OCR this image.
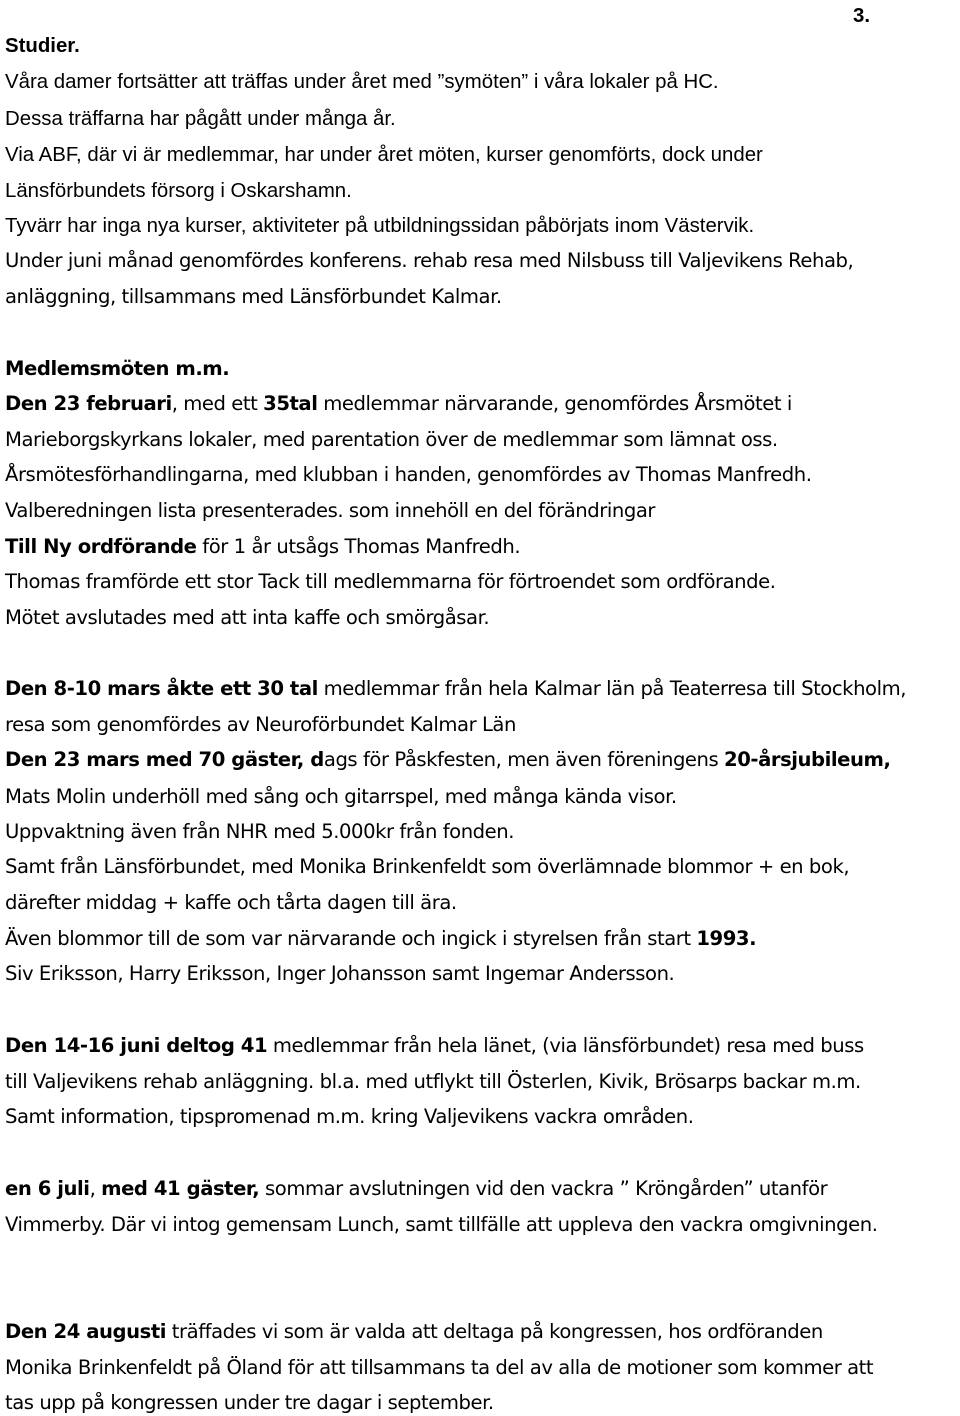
3.
Studier.
Våra damer fortsätter att träffas under året med ”symöten” i våra lokaler på HC.
Dessa träffarna har pågått under många år.
Via ABF, där vi är medlemmar, har under året möten, kurser genomförts, dock under
Länsförbundets försorg i Oskarshamn.
Tyvärr har inga nya kurser, aktiviteter på utbildningssidan påbörjats inom Västervik.
Under juni månad genomfördes konferens. rehab resa med Nilsbuss till Valjevikens Rehab,
anläggning, tillsammans med Länsförbundet Kalmar.
Medlemsmöten m.m.
Den 23 februari, med ett 35tal medlemmar närvarande, genomfördes Årsmötet i
Marieborgskyrkans lokaler, med parentation över de medlemmar som lämnat oss.
Årsmötesförhandlingarna, med klubban i handen, genomfördes av Thomas Manfredh.
Valberedningen lista presenterades. som innehöll en del förändringar
Till Ny ordförande för 1 år utsågs Thomas Manfredh.
Thomas framförde ett stor Tack till medlemmarna för förtroendet som ordförande.
Mötet avslutades med att inta kaffe och smörgåsar.
Den 8-10 mars åkte ett 30 tal medlemmar från hela Kalmar län på Teaterresa till Stockholm,
resa som genomfördes av Neuroförbundet Kalmar Län
Den 23 mars med 70 gäster, dags för Påskfesten, men även föreningens 20-årsjubileum,
Mats Molin underhöll med sång och gitarrspel, med många kända visor.
Uppvaktning även från NHR med 5.000kr från fonden.
Samt från Länsförbundet, med Monika Brinkenfeldt som överlämnade blommor + en bok,
därefter middag + kaffe och tårta dagen till ära.
Även blommor till de som var närvarande och ingick i styrelsen från start 1993.
Siv Eriksson, Harry Eriksson, Inger Johansson samt Ingemar Andersson.
Den 14-16 juni deltog 41 medlemmar från hela länet, (via länsförbundet) resa med buss
till Valjevikens rehab anläggning. bl.a. med utflykt till Österlen, Kivik, Brösarps backar m.m.
Samt information, tipspromenad m.m. kring Valjevikens vackra områden.
en 6 juli, med 41 gäster, sommar avslutningen vid den vackra ” Kröngården” utanför
Vimmerby. Där vi intog gemensam Lunch, samt tillfälle att uppleva den vackra omgivningen.
Den 24 augusti träffades vi som är valda att deltaga på kongressen, hos ordföranden
Monika Brinkenfeldt på Öland för att tillsammans ta del av alla de motioner som kommer att
tas upp på kongressen under tre dagar i september.
